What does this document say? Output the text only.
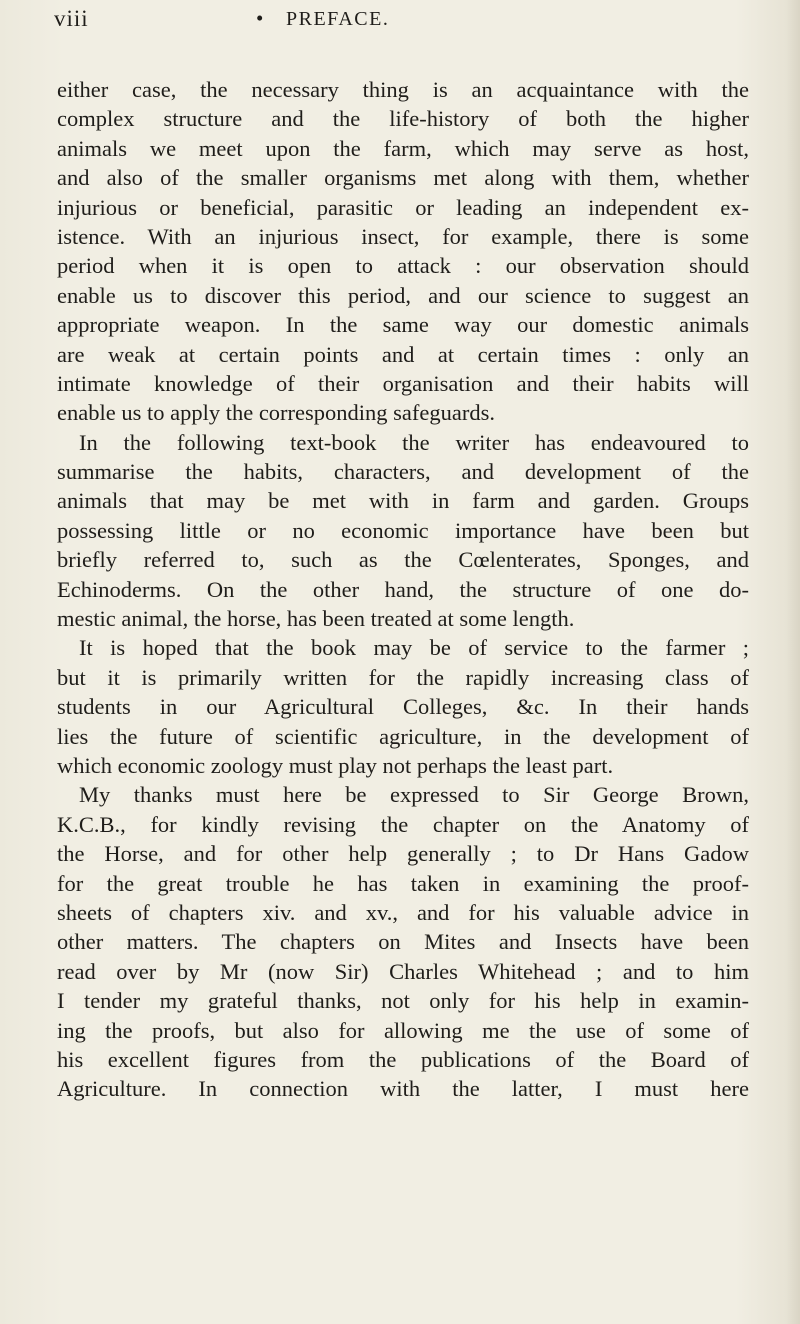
viii	• PREFACE.
either case, the necessary thing is an acquaintance with the
complex structure and the life-history of both the higher
animals we meet upon the farm, which may serve as host,
and also of the smaller organisms met along with them, whether
injurious or beneficial, parasitic or leading an independent ex-
istence. With an injurious insect, for example, there is some
period when it is open to attack : our observation should
enable us to discover this period, and our science to suggest an
appropriate weapon. In the same way our domestic animals
are weak at certain points and at certain times : only an
intimate knowledge of their organisation and their habits will
enable us to apply the corresponding safeguards.
In the following text-book the writer has endeavoured to
summarise the habits, characters, and development of the
animals that may be met with in farm and garden. Groups
possessing little or no economic importance have been but
briefly referred to, such as the Cœlenterates, Sponges, and
Echinoderms. On the other hand, the structure of one do-
mestic animal, the horse, has been treated at some length.
It is hoped that the book may be of service to the farmer ;
but it is primarily written for the rapidly increasing class of
students in our Agricultural Colleges, &c. In their hands
lies the future of scientific agriculture, in the development of
which economic zoology must play not perhaps the least part.
My thanks must here be expressed to Sir George Brown,
K.C.B., for kindly revising the chapter on the Anatomy of
the Horse, and for other help generally ; to Dr Hans Gadow
for the great trouble he has taken in examining the proof-
sheets of chapters xiv. and xv., and for his valuable advice in
other matters. The chapters on Mites and Insects have been
read over by Mr (now Sir) Charles Whitehead ; and to him
I tender my grateful thanks, not only for his help in examin-
ing the proofs, but also for allowing me the use of some of
his excellent figures from the publications of the Board of
Agriculture. In connection with the latter, I must here
